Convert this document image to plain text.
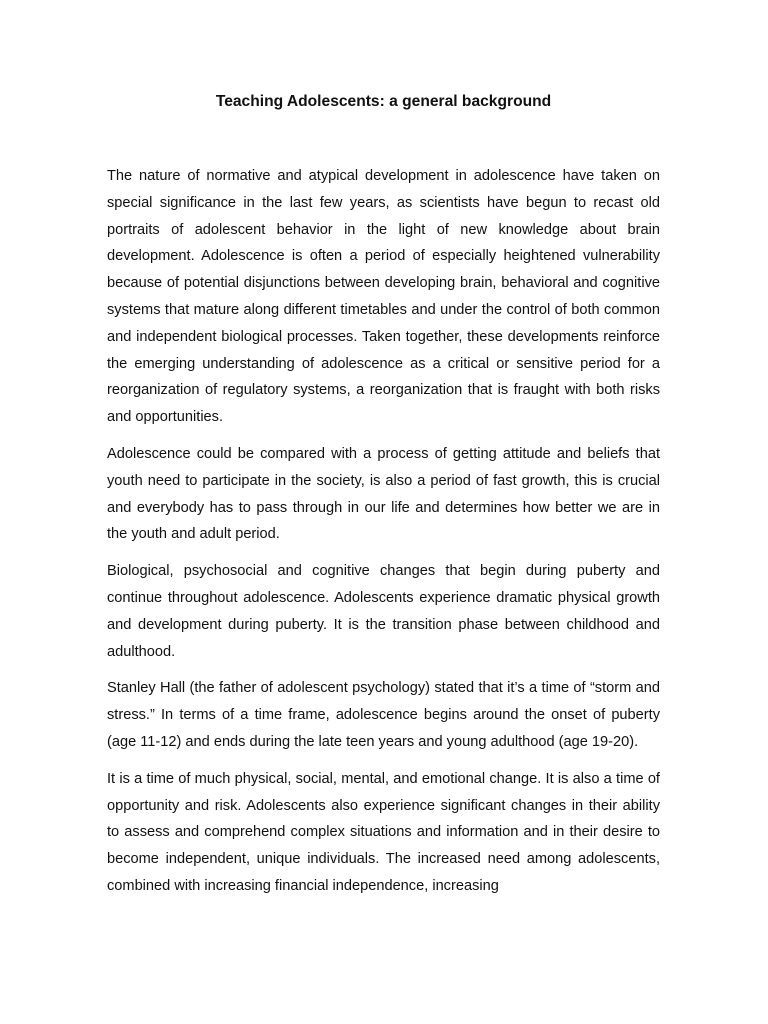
Teaching Adolescents: a general background

The nature of normative and atypical development in adolescence have taken on special significance in the last few years, as scientists have begun to recast old portraits of adolescent behavior in the light of new knowledge about brain development. Adolescence is often a period of especially heightened vulnerability because of potential disjunctions between developing brain, behavioral and cognitive systems that mature along different timetables and under the control of both common and independent biological processes. Taken together, these developments reinforce the emerging understanding of adolescence as a critical or sensitive period for a reorganization of regulatory systems, a reorganization that is fraught with both risks and opportunities.

Adolescence could be compared with a process of getting attitude and beliefs that youth need to participate in the society, is also a period of fast growth, this is crucial and everybody has to pass through in our life and determines how better we are in the youth and adult period.

Biological, psychosocial and cognitive changes that begin during puberty and continue throughout adolescence. Adolescents experience dramatic physical growth and development during puberty. It is the transition phase between childhood and adulthood.

Stanley Hall (the father of adolescent psychology) stated that it’s a time of “storm and stress.” In terms of a time frame, adolescence begins around the onset of puberty (age 11-12) and ends during the late teen years and young adulthood (age 19-20).

It is a time of much physical, social, mental, and emotional change. It is also a time of opportunity and risk. Adolescents also experience significant changes in their ability to assess and comprehend complex situations and information and in their desire to become independent, unique individuals. The increased need among adolescents, combined with increasing financial independence, increasing
